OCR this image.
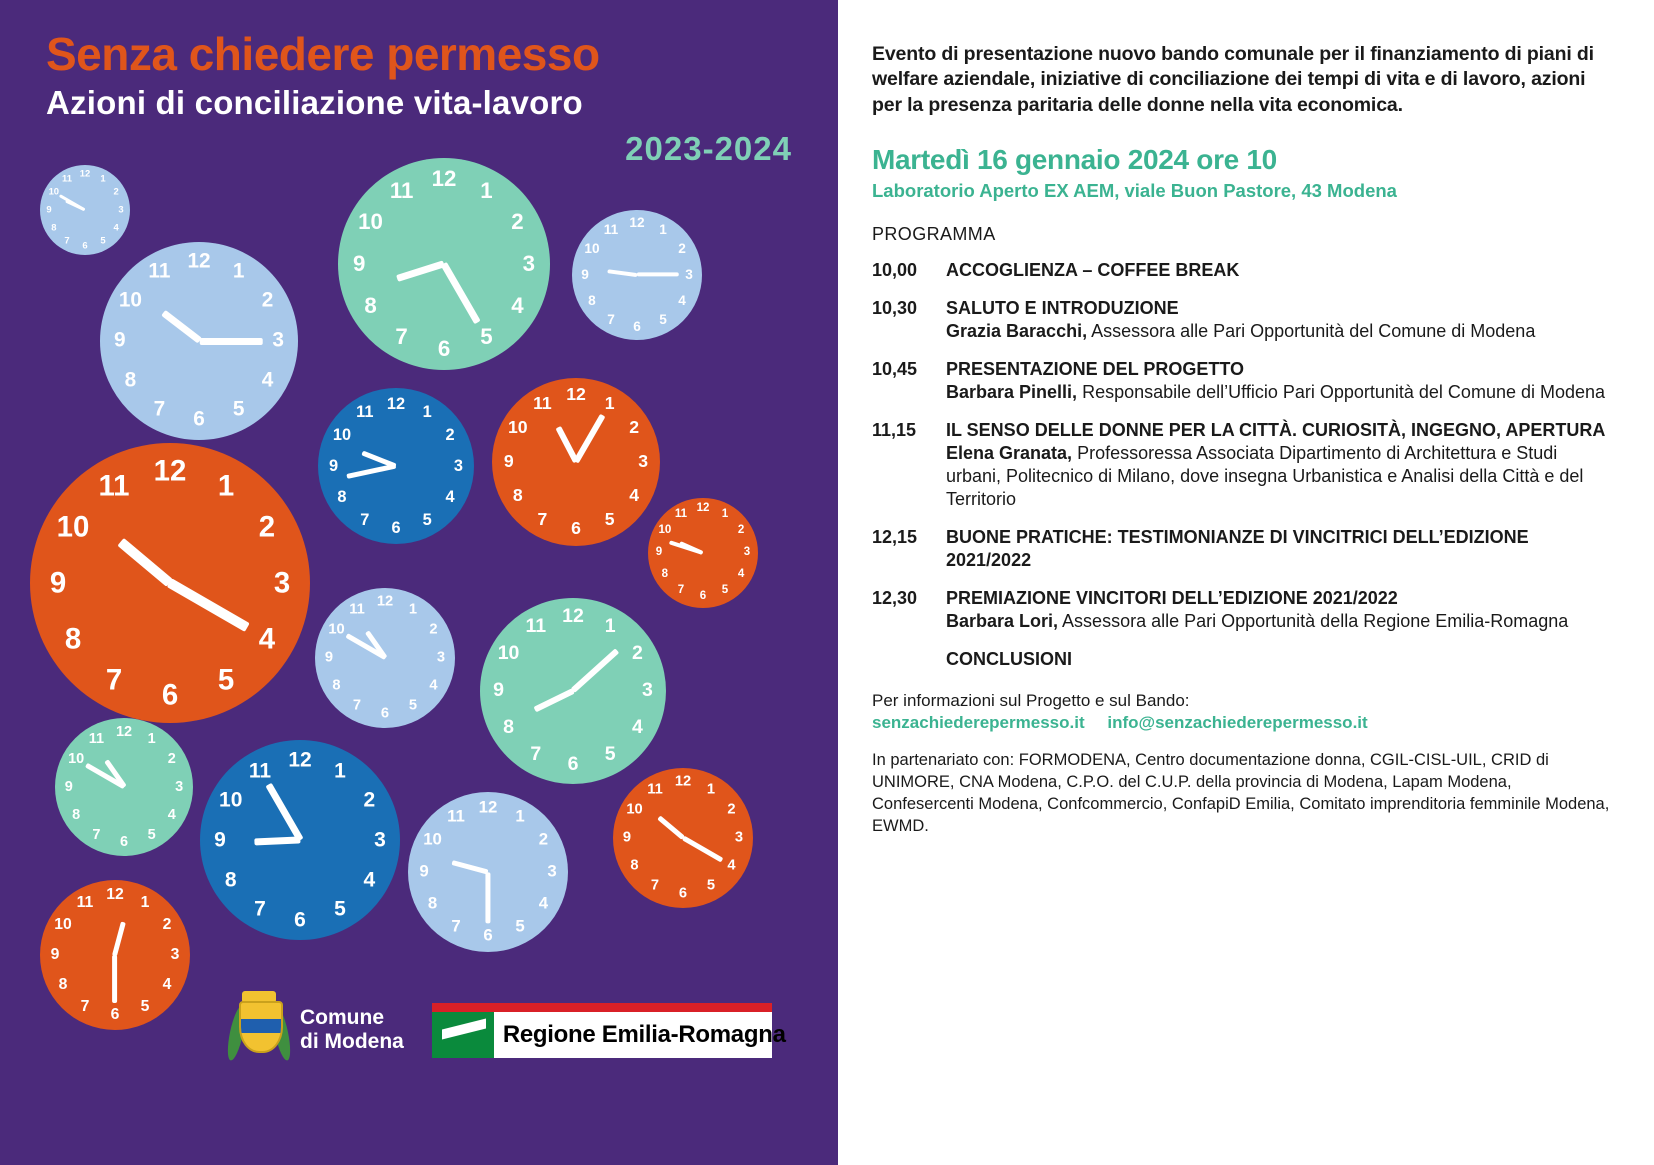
1
2
3
4
5
6
7
8
9
10
11 12
1
2
3
4
5
6
7
8
9
10
11 12
1
2
3
4
5
6
7
8
9
10
11 12
1
2
3
4
5
6
7
8
9
10
11 12
1
2
3
4
5
6
7
8
9
10
11 12	1
2
3
4
5
6
7
8
9
10
11 12
1
2
3
4
5
6
7
8
9
10
11 12
1
2
3
4
5
6
7
8
9
10
11 12
1
2
3
4
5
6
7
8
9
10
11 12
1
2
3
4
5
6
7
8
9
10
11 12
1
2
3
4
5
6
7
8
9
10
11 12
1
2
3
4
5
6
7
8
9
10
11 12
1
2
3
4
5
6
7
8
9
10
11 12
1
2
3
4
5
6
7
8
9
10
11 12
1
2
3
4
5
6
7
8
9
10
11 12
Senza chiedere permesso
Azioni di conciliazione vita-lavoro
2023-2024
Comune
di Modena	Regione Emilia-Romagna

Evento di presentazione nuovo bando comunale per il finanziamento di piani di welfare aziendale, iniziative di conciliazione dei tempi di vita e di lavoro, azioni per la presenza paritaria delle donne nella vita economica.

Martedì 16 gennaio 2024 ore 10

Laboratorio Aperto EX AEM, viale Buon Pastore, 43 Modena

PROGRAMMA

10,00	ACCOGLIENZA – COFFEE BREAK
10,30	SALUTO E INTRODUZIONE
Grazia Baracchi, Assessora alle Pari Opportunità del Comune di Modena
10,45	PRESENTAZIONE DEL PROGETTO
Barbara Pinelli, Responsabile dell’Ufficio Pari Opportunità del Comune di Modena
11,15	IL SENSO DELLE DONNE PER LA CITTÀ. CURIOSITÀ, INGEGNO, APERTURA
Elena Granata, Professoressa Associata Dipartimento di Architettura e Studi urbani, Politecnico di Milano, dove insegna Urbanistica e Analisi della Città e del Territorio
12,15	BUONE PRATICHE: TESTIMONIANZE DI VINCITRICI DELL’EDIZIONE 2021/2022
12,30	PREMIAZIONE VINCITORI DELL’EDIZIONE 2021/2022
Barbara Lori, Assessora alle Pari Opportunità della Regione Emilia-Romagna
CONCLUSIONI

Per informazioni sul Progetto e sul Bando:

senzachiederepermesso.it info@senzachiederepermesso.it

In partenariato con: FORMODENA, Centro documentazione donna, CGIL-CISL-UIL, CRID di UNIMORE, CNA Modena, C.P.O. del C.U.P. della provincia di Modena, Lapam Modena, Confesercenti Modena, Confcommercio, ConfapiD Emilia, Comitato imprenditoria femminile Modena, EWMD.
